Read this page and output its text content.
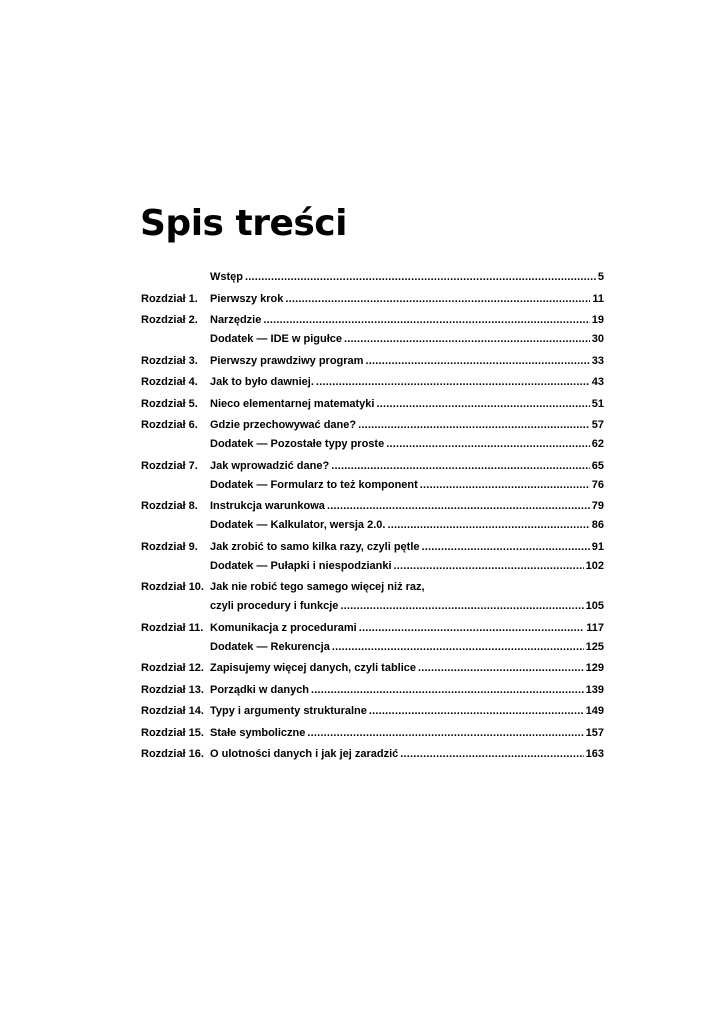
Spis treści
Wstęp .....	5
Rozdział 1.	Pierwszy krok .....	11
Rozdział 2.	Narzędzie .....	19
Dodatek — IDE w pigułce .....	30
Rozdział 3.	Pierwszy prawdziwy program .....	33
Rozdział 4.	Jak to było dawniej. .....	43
Rozdział 5.	Nieco elementarnej matematyki .....	51
Rozdział 6.	Gdzie przechowywać dane? .....	57
Dodatek — Pozostałe typy proste .....	62
Rozdział 7.	Jak wprowadzić dane? .....	65
Dodatek — Formularz to też komponent .....	76
Rozdział 8.	Instrukcja warunkowa .....	79
Dodatek — Kalkulator, wersja 2.0. .....	86
Rozdział 9.	Jak zrobić to samo kilka razy, czyli pętle .....	91
Dodatek — Pułapki i niespodzianki .....	102
Rozdział 10. Jak nie robić tego samego więcej niż raz,
czyli procedury i funkcje .....	105
Rozdział 11. Komunikacja z procedurami .....	117
Dodatek — Rekurencja .....	125
Rozdział 12. Zapisujemy więcej danych, czyli tablice .....	129
Rozdział 13. Porządki w danych .....	139
Rozdział 14. Typy i argumenty strukturalne .....	149
Rozdział 15. Stałe symboliczne .....	157
Rozdział 16. O ulotności danych i jak jej zaradzić .....	163
